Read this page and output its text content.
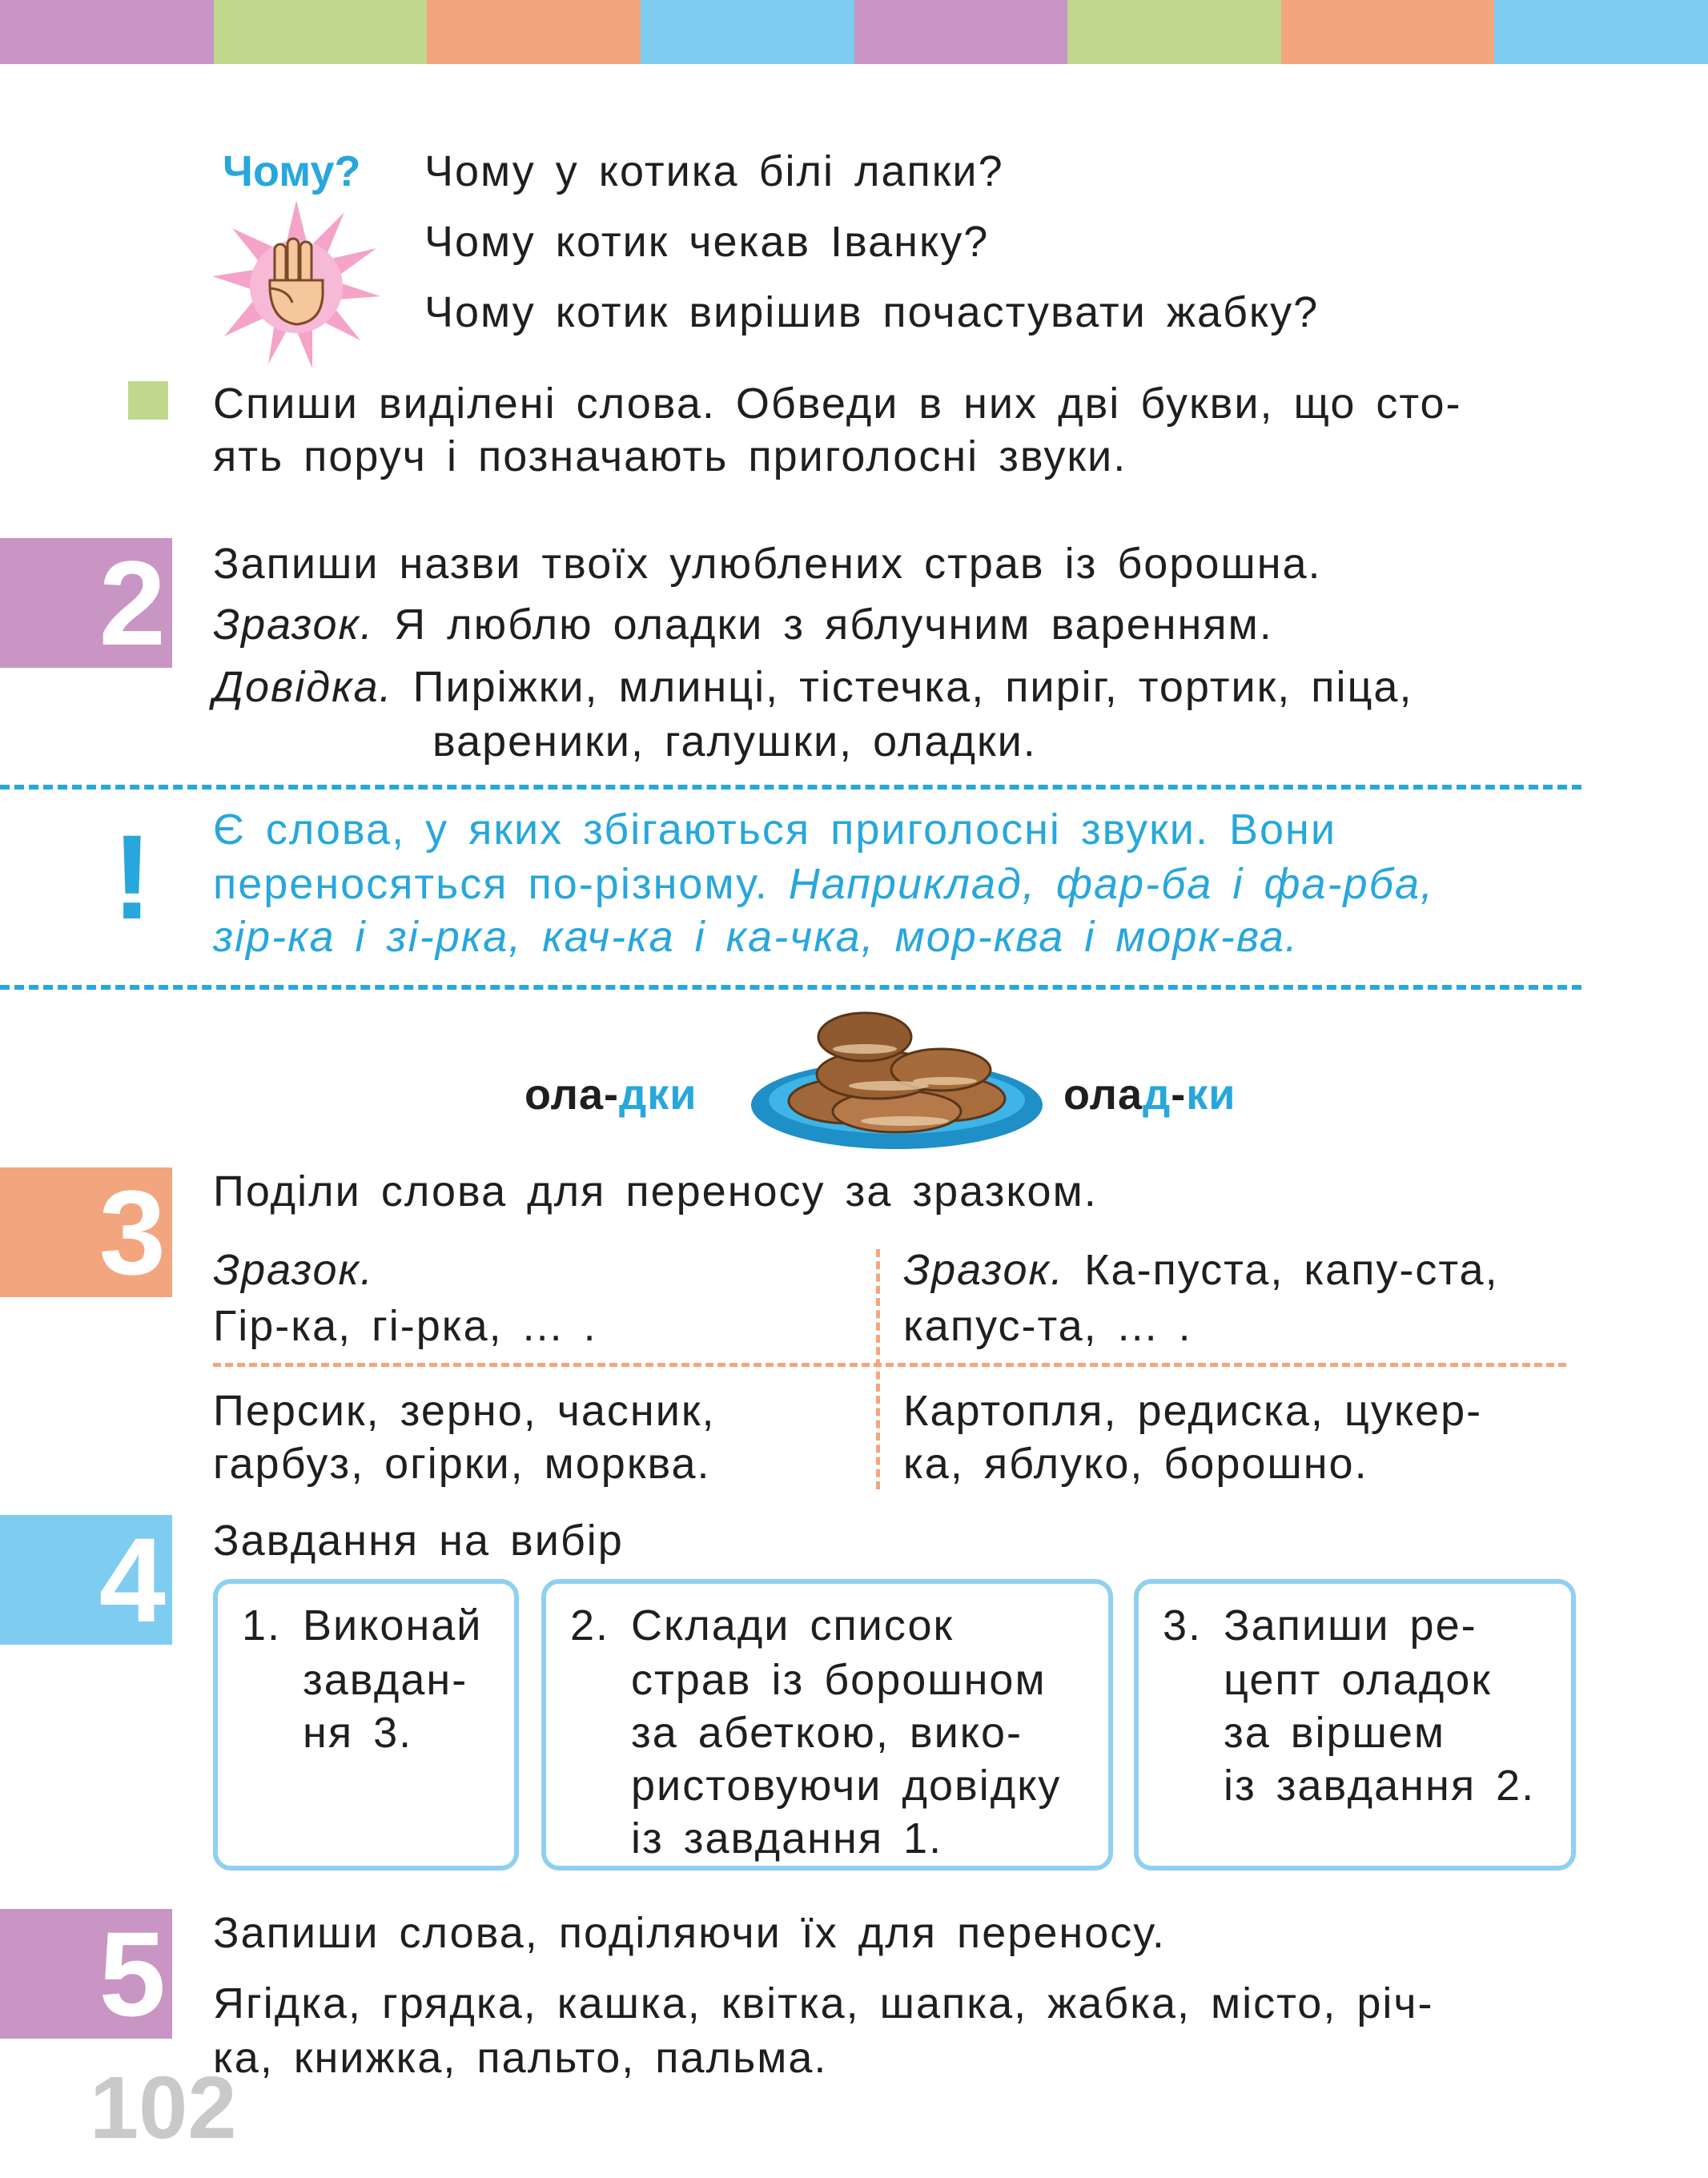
Чому? Чому у котика білі лапки?
Чому котик чекав Іванку?
Чому котик вирішив почастувати жабку?
Спиши виділені слова. Обведи в них дві букви, що сто-
ять поруч і позначають приголосні звуки.
2 Запиши назви твоїх улюблених страв із борошна.
Зразок. Я люблю оладки з яблучним варенням.
Довідка. Пиріжки, млинці, тістечка, пиріг, тортик, піца,
вареники, галушки, оладки.
! Є слова, у яких збігаються приголосні звуки. Вони
переносяться по-різному. Наприклад, фар-ба і фа-рба,
зір-ка і зі-рка, кач-ка і ка-чка, мор-ква і морк-ва.
ола-дки	олад-ки
3 Поділи слова для переносу за зразком.
Зразок.
Гір-ка, гі-рка, ... .
Зразок. Ка-пуста, капу-ста,
капус-та, ... .
Персик, зерно, часник,
гарбуз, огірки, морква.
Картопля, редиска, цукер-
ка, яблуко, борошно.
4 Завдання на вибір
1. Виконай
завдан-
ня 3.
2. Склади список
страв із борошном
за абеткою, вико-
ристовуючи довідку
із завдання 1.
3. Запиши ре-
цепт оладок
за віршем
із завдання 2.
5 Запиши слова, поділяючи їх для переносу.
Ягідка, грядка, кашка, квітка, шапка, жабка, місто, річ-
ка, книжка, пальто, пальма.
102
